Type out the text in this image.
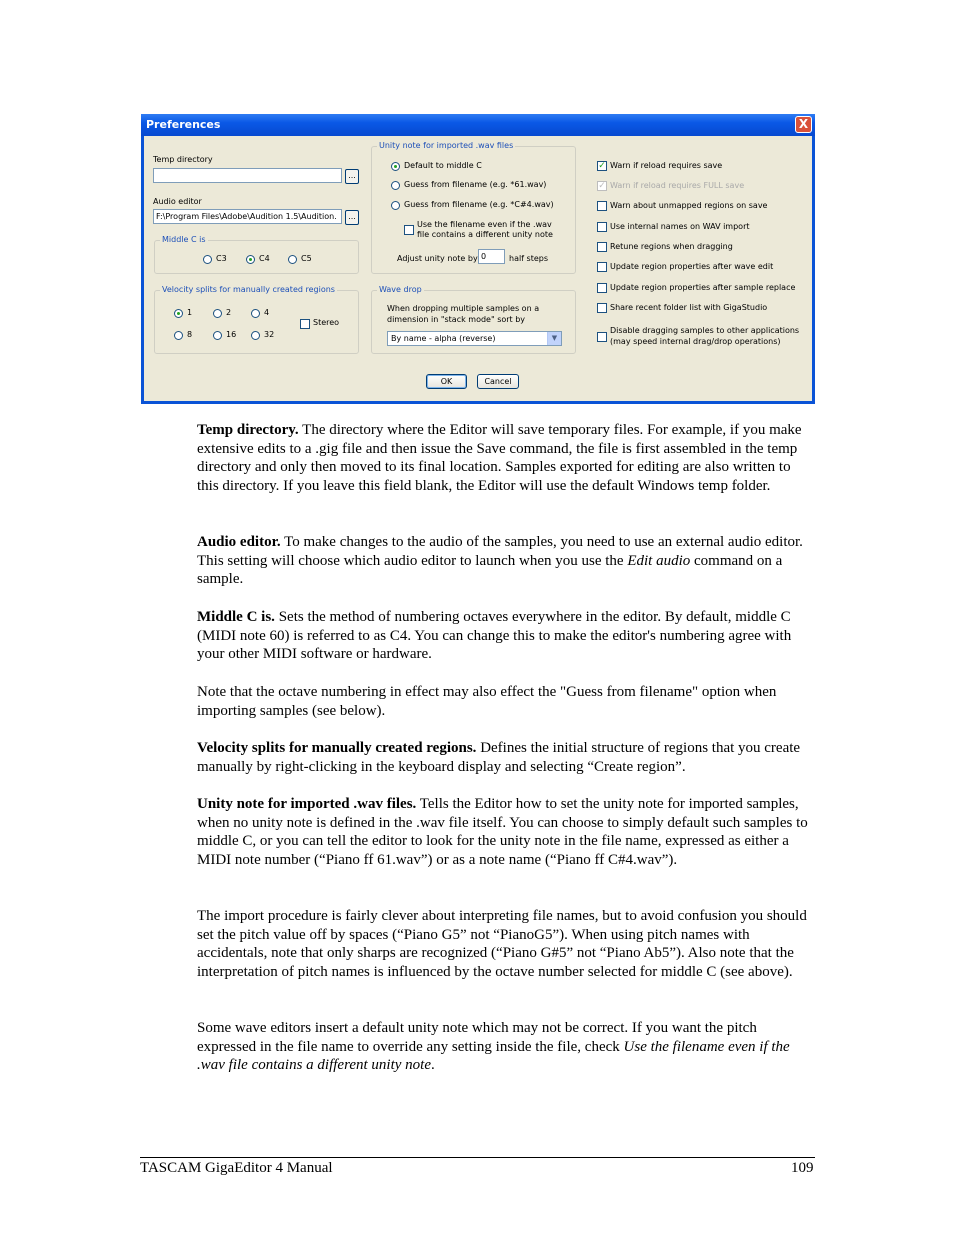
Preferences	X
Temp directory
...
Audio editor
F:\Program Files\Adobe\Audition 1.5\Audition.	...
Middle C is
C3	C4	C5
Velocity splits for manually created regions
1	2	4
8	16	32
Stereo
Unity note for imported .wav files
Default to middle C
Guess from filename (e.g. *61.wav)
Guess from filename (e.g. *C#4.wav)
Use the filename even if the .wav
file contains a different unity note
Adjust unity note by 0	half steps
Wave drop
When dropping multiple samples on a
dimension in "stack mode" sort by
By name - alpha (reverse)	▼
✓ Warn if reload requires save
✓ Warn if reload requires FULL save
Warn about unmapped regions on save
Use internal names on WAV import
Retune regions when dragging
Update region properties after wave edit
Update region properties after sample replace
Share recent folder list with GigaStudio
Disable dragging samples to other applications
(may speed internal drag/drop operations)
OK	Cancel

Temp directory. The directory where the Editor will save temporary files. For example, if you make extensive edits to a .gig file and then issue the Save command, the file is first assembled in the temp directory and only then moved to its final location. Samples exported for editing are also written to this directory. If you leave this field blank, the Editor will use the default Windows temp folder.

Audio editor. To make changes to the audio of the samples, you need to use an external audio editor. This setting will choose which audio editor to launch when you use the Edit audio command on a sample.

Middle C is. Sets the method of numbering octaves everywhere in the editor. By default, middle C (MIDI note 60) is referred to as C4. You can change this to make the editor's numbering agree with your other MIDI software or hardware.

Note that the octave numbering in effect may also effect the "Guess from filename" option when importing samples (see below).

Velocity splits for manually created regions. Defines the initial structure of regions that you create manually by right-clicking in the keyboard display and selecting “Create region”.

Unity note for imported .wav files. Tells the Editor how to set the unity note for imported samples, when no unity note is defined in the .wav file itself. You can choose to simply default such samples to middle C, or you can tell the editor to look for the unity note in the file name, expressed as either a MIDI note number (“Piano ff 61.wav”) or as a note name (“Piano ff C#4.wav”).

The import procedure is fairly clever about interpreting file names, but to avoid confusion you should set the pitch value off by spaces (“Piano G5” not “PianoG5”). When using pitch names with accidentals, note that only sharps are recognized (“Piano G#5” not “Piano Ab5”). Also note that the interpretation of pitch names is influenced by the octave number selected for middle C (see above).

Some wave editors insert a default unity note which may not be correct. If you want the pitch expressed in the file name to override any setting inside the file, check Use the filename even if the .wav file contains a different unity note.

TASCAM GigaEditor 4 Manual	109
